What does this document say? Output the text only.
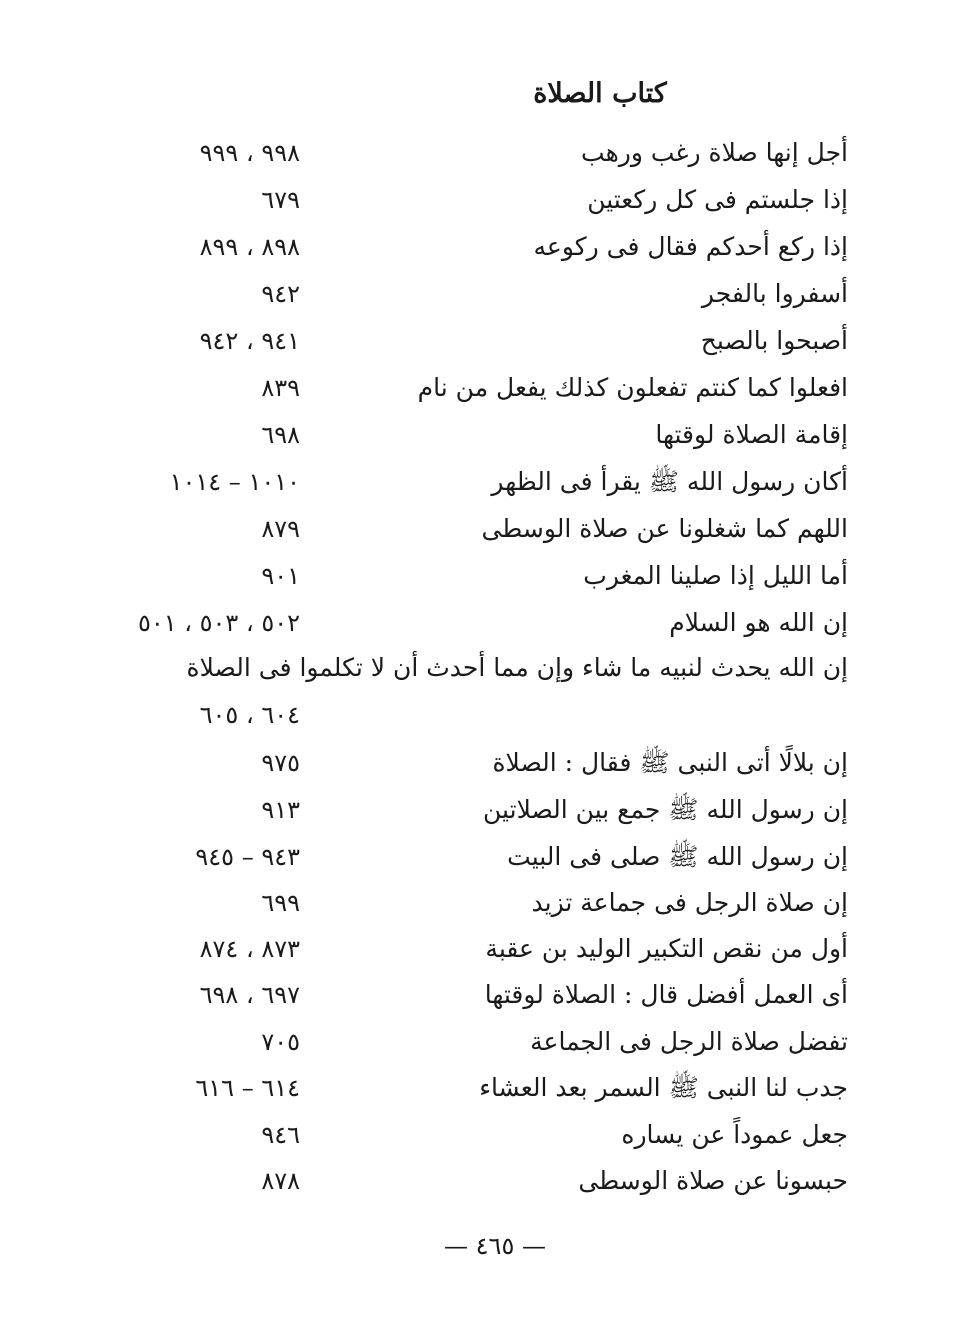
كتاب الصلاة
أجل إنها صلاة رغب ورهب
٩٩٨ ، ٩٩٩
إذا جلستم فى كل ركعتين
٦٧٩
إذا ركع أحدكم فقال فى ركوعه
٨٩٨ ، ٨٩٩
أسفروا بالفجر
٩٤٢
أصبحوا بالصبح
٩٤١ ، ٩٤٢
افعلوا كما كنتم تفعلون كذلك يفعل من نام
٨٣٩
إقامة الصلاة لوقتها
٦٩٨
أكان رسول الله ﷺ يقرأ فى الظهر
١٠١٠ – ١٠١٤
اللهم كما شغلونا عن صلاة الوسطى
٨٧٩
أما الليل إذا صلينا المغرب
٩٠١
إن الله هو السلام
٥٠٢ ، ٥٠٣ ، ٥٠١
إن الله يحدث لنبيه ما شاء وإن مما أحدث أن لا تكلموا فى الصلاة
٦٠٤ ، ٦٠٥
إن بلالًا أتى النبى ﷺ فقال : الصلاة
٩٧٥
إن رسول الله ﷺ جمع بين الصلاتين
٩١٣
إن رسول الله ﷺ صلى فى البيت
٩٤٣ – ٩٤٥
إن صلاة الرجل فى جماعة تزيد
٦٩٩
أول من نقص التكبير الوليد بن عقبة
٨٧٣ ، ٨٧٤
أى العمل أفضل قال : الصلاة لوقتها
٦٩٧ ، ٦٩٨
تفضل صلاة الرجل فى الجماعة
٧٠٥
جدب لنا النبى ﷺ السمر بعد العشاء
٦١٤ – ٦١٦
جعل عموداً عن يساره
٩٤٦
حبسونا عن صلاة الوسطى
٨٧٨
— ٤٦٥ —
